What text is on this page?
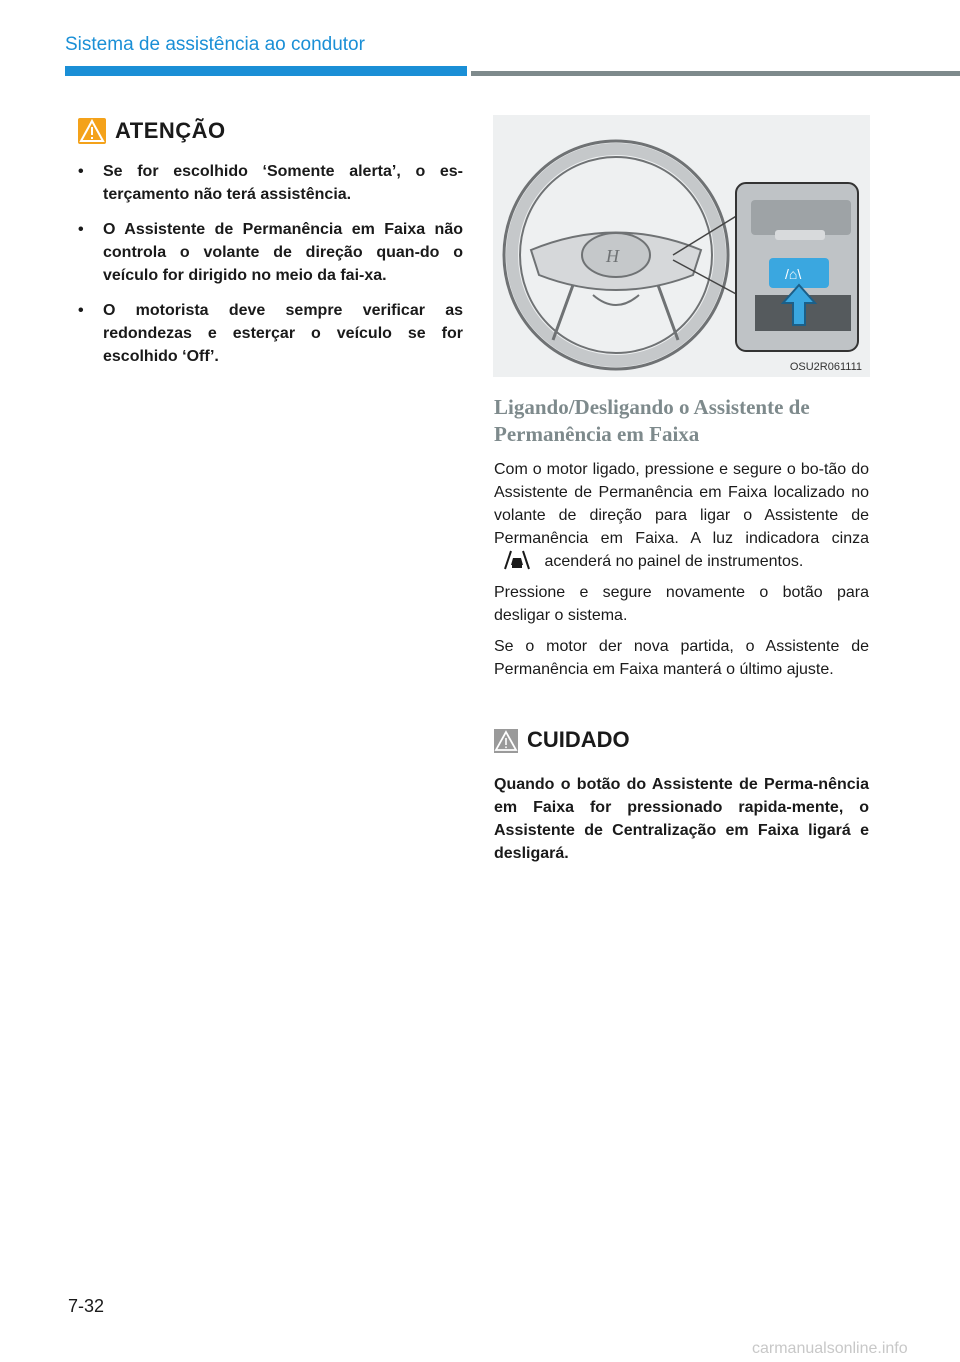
Sistema de assistência ao condutor
ATENÇÃO
• Se for escolhido ‘Somente alerta’, o es-terçamento não terá assistência.
• O Assistente de Permanência em Faixa não controla o volante de direção quan-do o veículo for dirigido no meio da fai-xa.
• O motorista deve sempre verificar as redondezas e esterçar o veículo se for escolhido ‘Off’.
H
/⌂\
OSU2R061111
Ligando/Desligando o Assistente de Permanência em Faixa

Com o motor ligado, pressione e segure o bo-tão do Assistente de Permanência em Faixa localizado no volante de direção para ligar o Assistente de Permanência em Faixa. A luz indicadora cinza  acenderá no painel de instrumentos.

Pressione e segure novamente o botão para desligar o sistema.

Se o motor der nova partida, o Assistente de Permanência em Faixa manterá o último ajuste.

CUIDADO
Quando o botão do Assistente de Perma-nência em Faixa for pressionado rapida-mente, o Assistente de Centralização em Faixa ligará e desligará.
7-32
carmanualsonline.info
